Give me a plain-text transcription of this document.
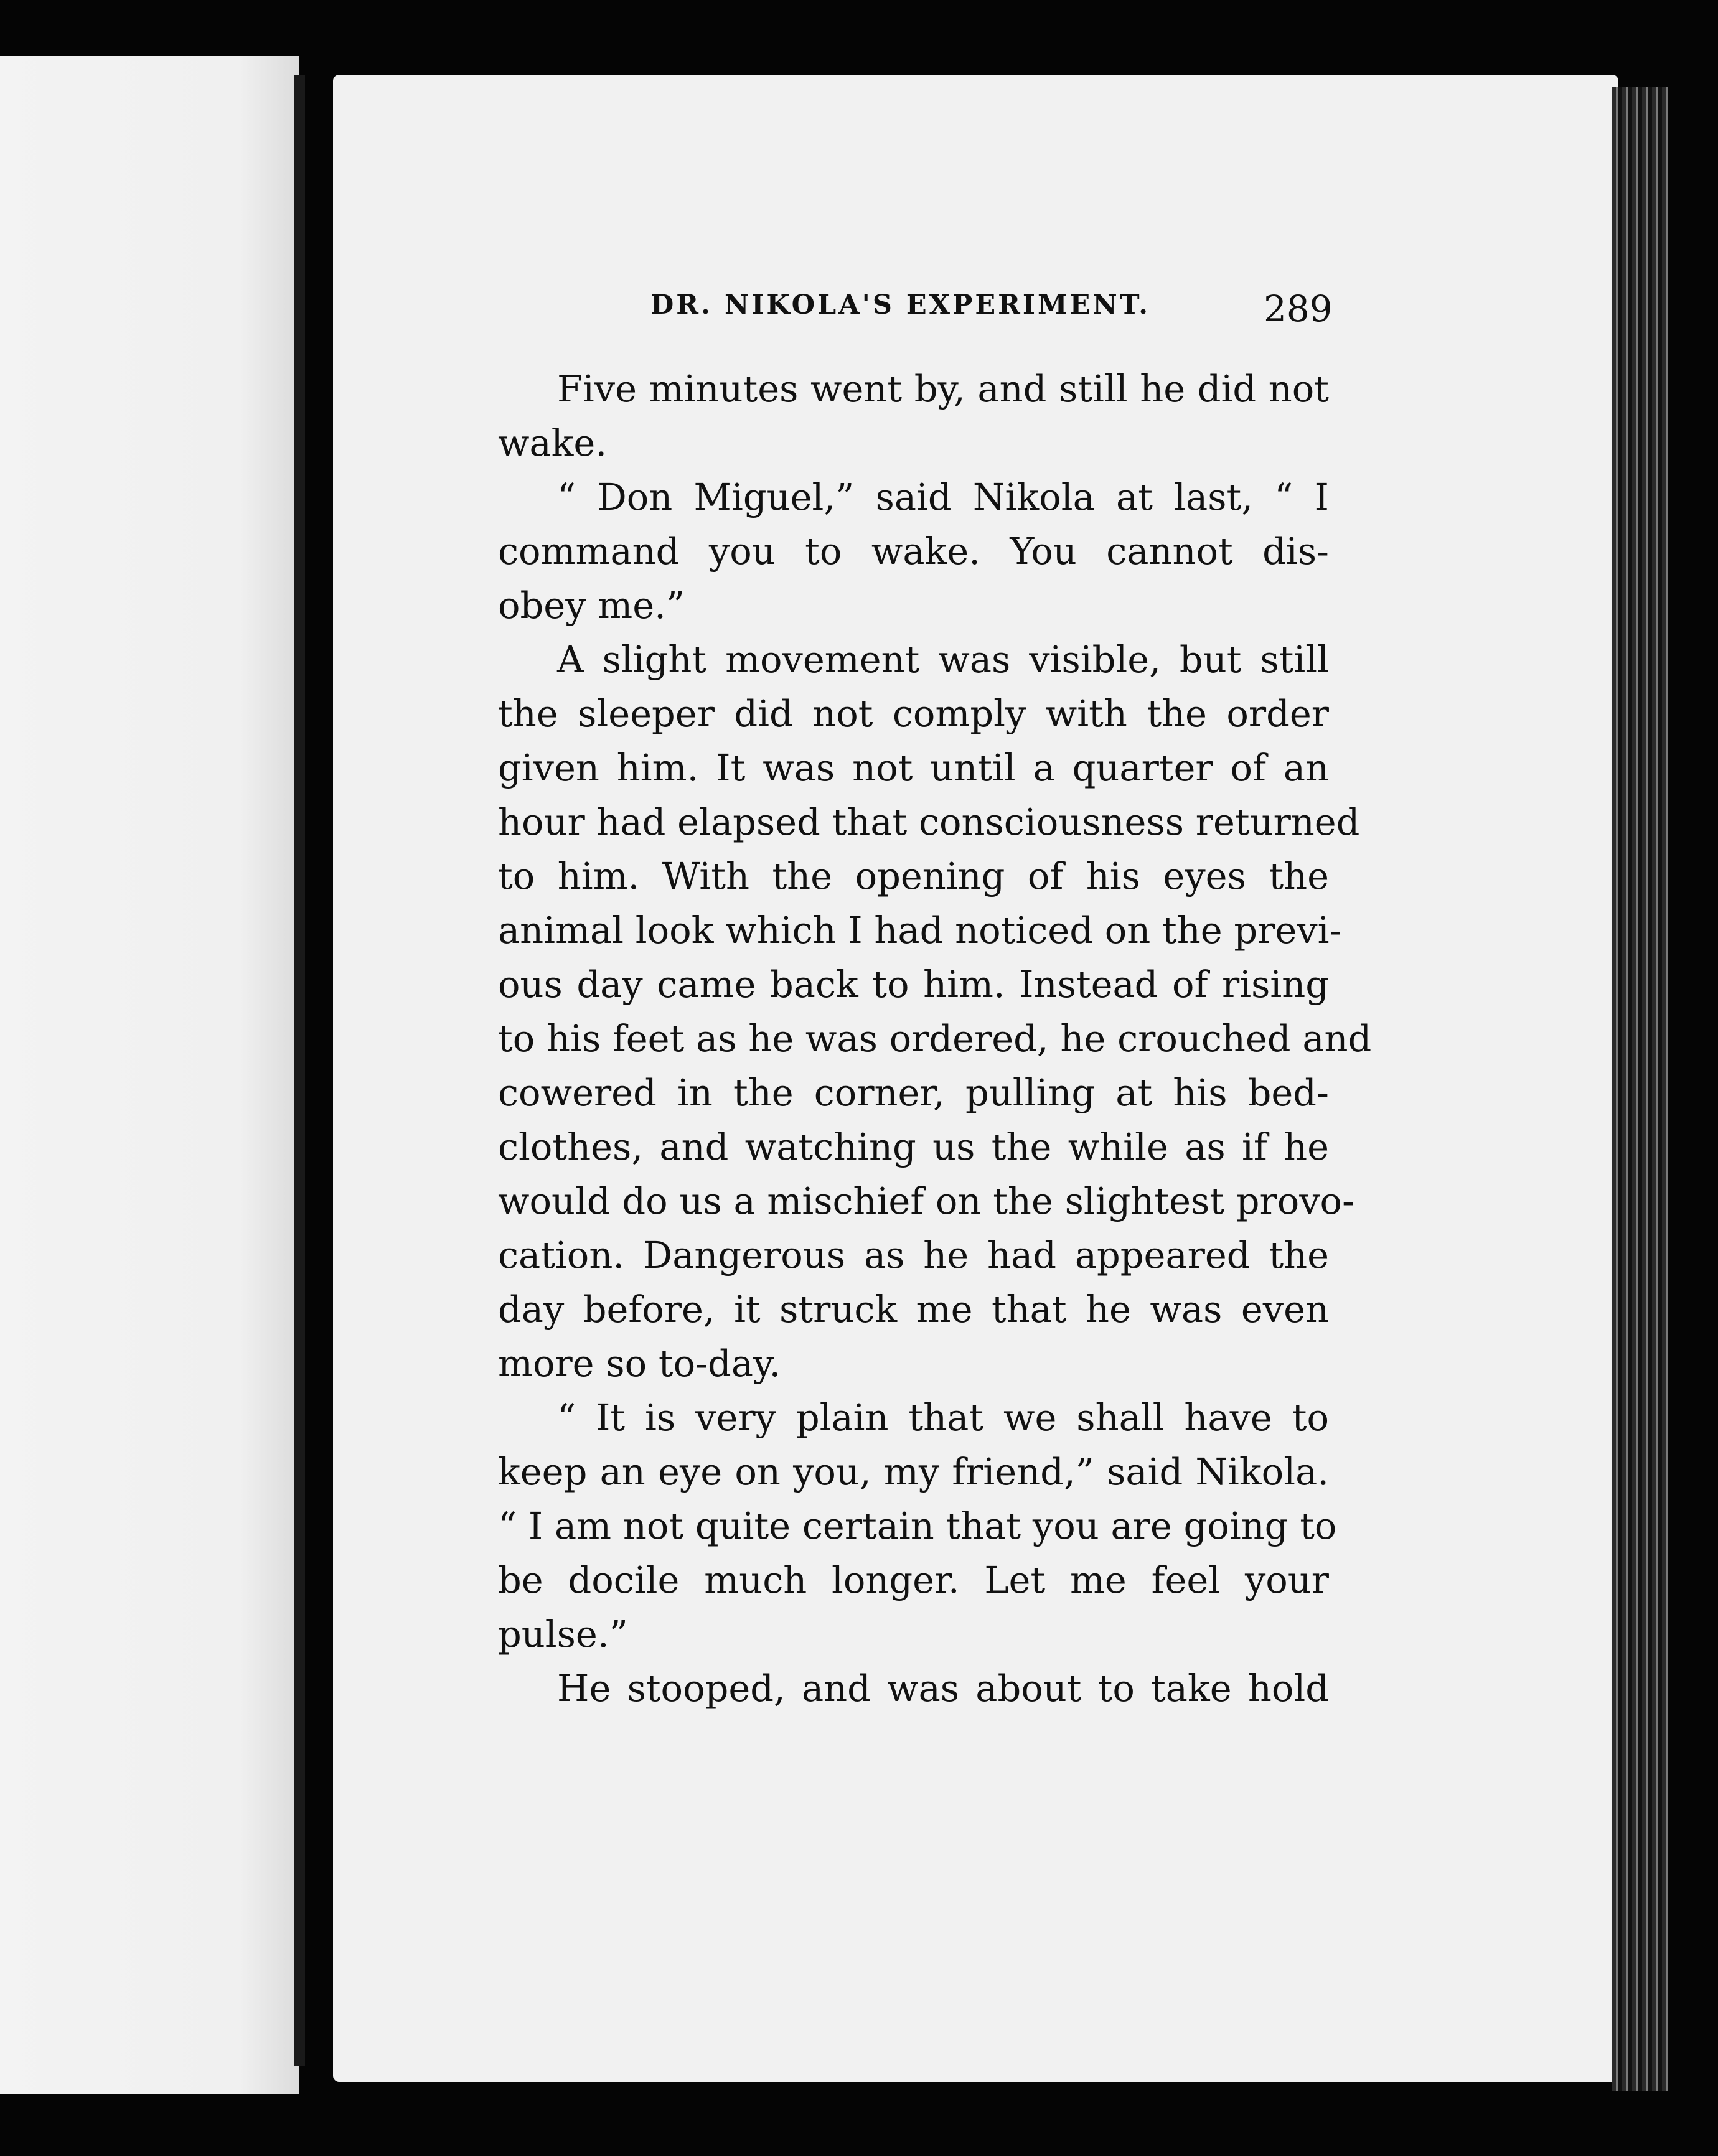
DR. NIKOLA'S EXPERIMENT.	289
Five minutes went by, and still he did not
wake.
“ Don Miguel,” said Nikola at last, “ I
command you to wake. You cannot dis-
obey me.”
A slight movement was visible, but still
the sleeper did not comply with the order
given him. It was not until a quarter of an
hour had elapsed that consciousness returned
to him. With the opening of his eyes the
animal look which I had noticed on the previ-
ous day came back to him. Instead of rising
to his feet as he was ordered, he crouched and
cowered in the corner, pulling at his bed-
clothes, and watching us the while as if he
would do us a mischief on the slightest provo-
cation. Dangerous as he had appeared the
day before, it struck me that he was even
more so to-day.
“ It is very plain that we shall have to
keep an eye on you, my friend,” said Nikola.
“ I am not quite certain that you are going to
be docile much longer. Let me feel your
pulse.”
He stooped, and was about to take hold
